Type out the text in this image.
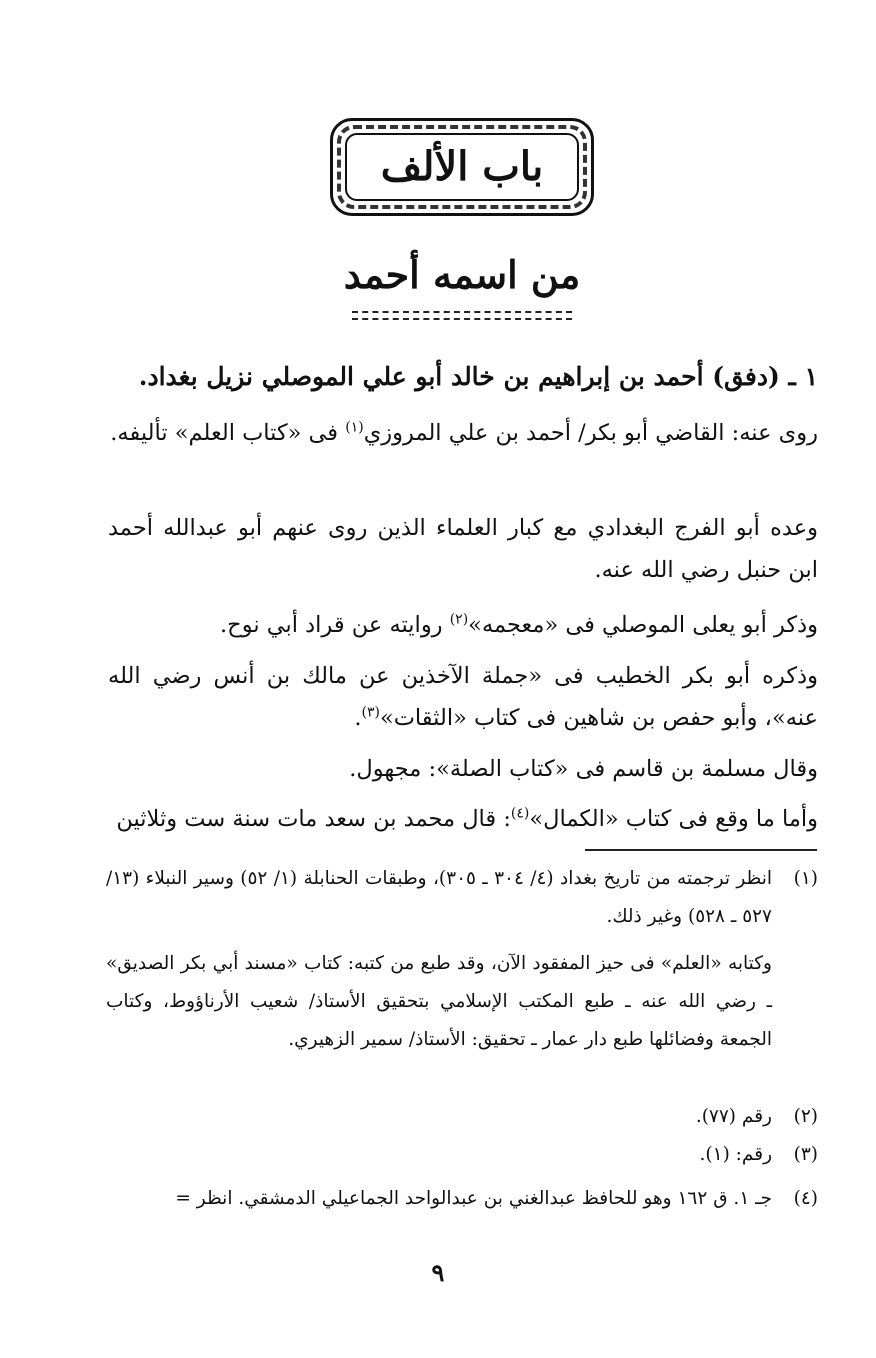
باب الألف
من اسمه أحمد
١ ـ (دفق) أحمد بن إبراهيم بن خالد أبو علي الموصلي نزيل بغداد.
روى عنه: القاضي أبو بكر/ أحمد بن علي المروزي$^{(١)}$ فى «كتاب العلم» تأليفه.
وعده أبو الفرج البغدادي مع كبار العلماء الذين روى عنهم أبو عبدالله أحمد ابن حنبل رضي الله عنه.
وذكر أبو يعلى الموصلي فى «معجمه»$^{(٢)}$ روايته عن قراد أبي نوح.
وذكره أبو بكر الخطيب فى «جملة الآخذين عن مالك بن أنس رضي الله عنه»، وأبو حفص بن شاهين فى كتاب «الثقات»$^{(٣)}$.
وقال مسلمة بن قاسم فى «كتاب الصلة»: مجهول.
وأما ما وقع فى كتاب «الكمال»$^{(٤)}$: قال محمد بن سعد مات سنة ست وثلاثين
(١)
انظر ترجمته من تاريخ بغداد (٤/ ٣٠٤ ـ ٣٠٥)، وطبقات الحنابلة (١/ ٥٢) وسير النبلاء (١٣/ ٥٢٧ ـ ٥٢٨) وغير ذلك.
وكتابه «العلم» فى حيز المفقود الآن، وقد طبع من كتبه: كتاب «مسند أبي بكر الصديق» ـ رضي الله عنه ـ طبع المكتب الإسلامي بتحقيق الأستاذ/ شعيب الأرناؤوط، وكتاب الجمعة وفضائلها طبع دار عمار ـ تحقيق: الأستاذ/ سمير الزهيري.
(٢)رقم (٧٧).
(٣)رقم: (١).
(٤)جـ ١. ق ١٦٢ وهو للحافظ عبدالغني بن عبدالواحد الجماعيلي الدمشقي. انظر =
٩
